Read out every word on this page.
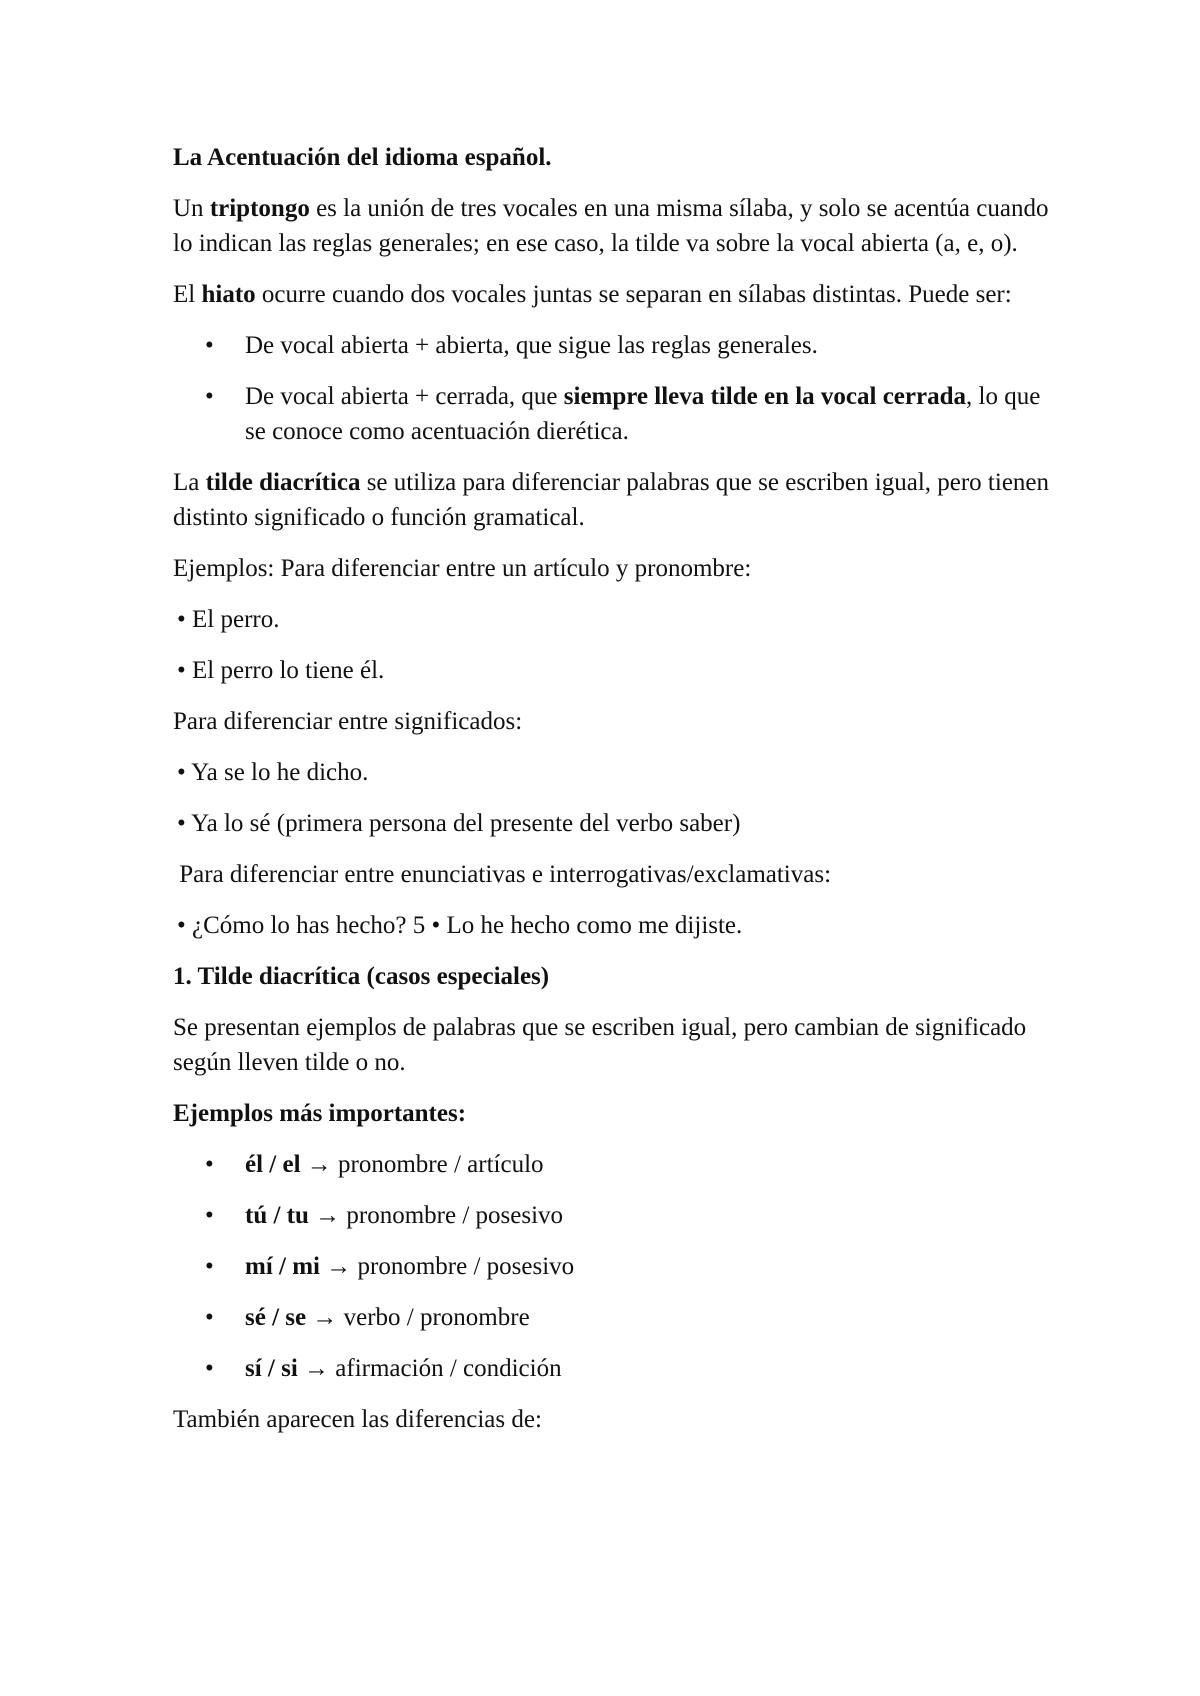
La Acentuación del idioma español.

Un triptongo es la unión de tres vocales en una misma sílaba, y solo se acentúa cuando lo indican las reglas generales; en ese caso, la tilde va sobre la vocal abierta (a, e, o).

El hiato ocurre cuando dos vocales juntas se separan en sílabas distintas. Puede ser:

• De vocal abierta + abierta, que sigue las reglas generales.
• De vocal abierta + cerrada, que siempre lleva tilde en la vocal cerrada, lo que se conoce como acentuación dierética.

La tilde diacrítica se utiliza para diferenciar palabras que se escriben igual, pero tienen distinto significado o función gramatical.

Ejemplos: Para diferenciar entre un artículo y pronombre:

• El perro.

• El perro lo tiene él.

Para diferenciar entre significados:

• Ya se lo he dicho.

• Ya lo sé (primera persona del presente del verbo saber)

Para diferenciar entre enunciativas e interrogativas/exclamativas:

• ¿Cómo lo has hecho? 5 • Lo he hecho como me dijiste.

1. Tilde diacrítica (casos especiales)

Se presentan ejemplos de palabras que se escriben igual, pero cambian de significado según lleven tilde o no.

Ejemplos más importantes:

• él / el → pronombre / artículo
• tú / tu → pronombre / posesivo
• mí / mi → pronombre / posesivo
• sé / se → verbo / pronombre
• sí / si → afirmación / condición

También aparecen las diferencias de:
